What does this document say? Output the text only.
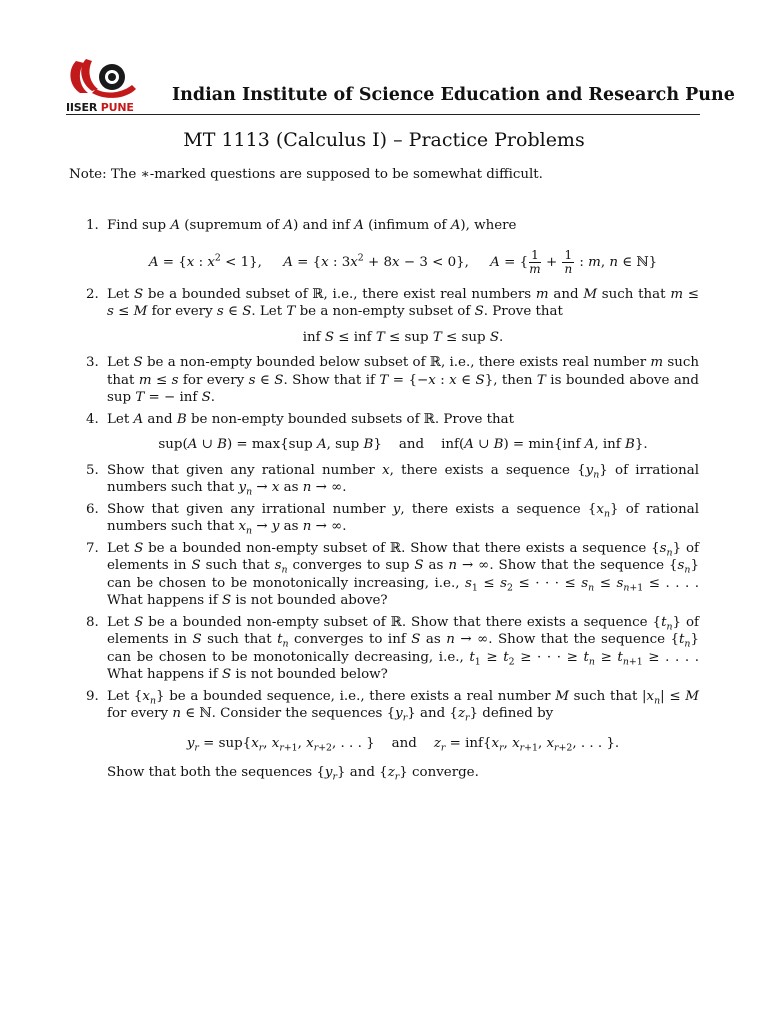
IISER PUNE
Indian Institute of Science Education and Research Pune
MT 1113 (Calculus I) – Practice Problems
Note: The ∗-marked questions are supposed to be somewhat difficult.
1. Find sup A (supremum of A) and inf A (infimum of A), where
A = {x : $x^2 < 1$},     A = {x : $3x^2 + 8x - 3 < 0$},     A = { $\frac{1}{m} + \frac{1}{n}$ : m, n ∈ ℕ}
2. Let S be a bounded subset of ℝ, i.e., there exist real numbers m and M such that m ≤ s ≤ M for every s ∈ S. Let T be a non-empty subset of S. Prove that
inf S ≤ inf T ≤ sup T ≤ sup S.
3. Let S be a non-empty bounded below subset of ℝ, i.e., there exists real number m such that m ≤ s for every s ∈ S. Show that if T = {−x : x ∈ S}, then T is bounded above and sup T = − inf S.
4. Let A and B be non-empty bounded subsets of ℝ. Prove that
sup(A ∪ B) = max{sup A, sup B}    and    inf(A ∪ B) = min{inf A, inf B}.
5. Show that given any rational number x, there exists a sequence $\{y_n\}$ of irrational numbers such that $y_n \to x$ as n → ∞.
6. Show that given any irrational number y, there exists a sequence $\{x_n\}$ of rational numbers such that $x_n \to y$ as n → ∞.
7. Let S be a bounded non-empty subset of ℝ. Show that there exists a sequence $\{s_n\}$ of elements in S such that $s_n$ converges to sup S as n → ∞. Show that the sequence $\{s_n\}$ can be chosen to be monotonically increasing, i.e., $s_1 \le s_2$ ≤ · · · ≤ $s_n \le s_{n+1}$ ≤ . . . . What happens if S is not bounded above?
8. Let S be a bounded non-empty subset of ℝ. Show that there exists a sequence $\{t_n\}$ of elements in S such that $t_n$ converges to inf S as n → ∞. Show that the sequence $\{t_n\}$ can be chosen to be monotonically decreasing, i.e., $t_1 \ge t_2$ ≥ · · · ≥ $t_n \ge t_{n+1}$ ≥ . . . . What happens if S is not bounded below?
9. Let $\{x_n\}$ be a bounded sequence, i.e., there exists a real number M such that $|x_n| \le M$ for every n ∈ ℕ. Consider the sequences $\{y_r\}$ and $\{z_r\}$ defined by
$y_r = sup\{x_r$, $x_{r+1}$, $x_{r+2}$, . . . }    and    $z_r = inf\{x_r$, $x_{r+1}$, $x_{r+2}$, . . . }.
Show that both the sequences $\{y_r\}$ and $\{z_r\}$ converge.
